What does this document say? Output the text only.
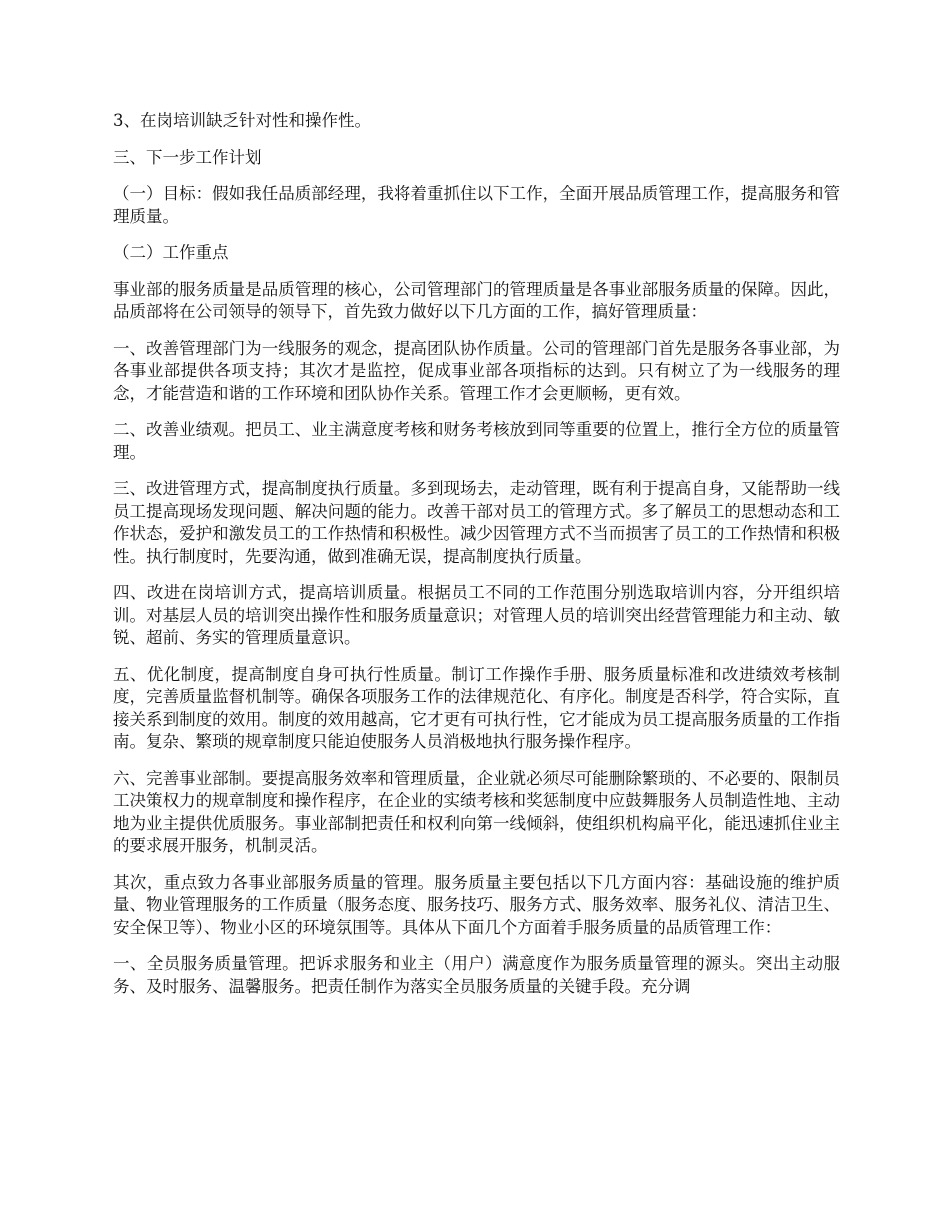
3、在岗培训缺乏针对性和操作性。

三、下一步工作计划

（一）目标：假如我任品质部经理，我将着重抓住以下工作，全面开展品质管理工作，提高服务和管理质量。

（二）工作重点

事业部的服务质量是品质管理的核心，公司管理部门的管理质量是各事业部服务质量的保障。因此，品质部将在公司领导的领导下，首先致力做好以下几方面的工作，搞好管理质量：

一、改善管理部门为一线服务的观念，提高团队协作质量。公司的管理部门首先是服务各事业部，为各事业部提供各项支持；其次才是监控，促成事业部各项指标的达到。只有树立了为一线服务的理念，才能营造和谐的工作环境和团队协作关系。管理工作才会更顺畅，更有效。

二、改善业绩观。把员工、业主满意度考核和财务考核放到同等重要的位置上，推行全方位的质量管理。

三、改进管理方式，提高制度执行质量。多到现场去，走动管理，既有利于提高自身，又能帮助一线员工提高现场发现问题、解决问题的能力。改善干部对员工的管理方式。多了解员工的思想动态和工作状态，爱护和激发员工的工作热情和积极性。减少因管理方式不当而损害了员工的工作热情和积极性。执行制度时，先要沟通，做到准确无误，提高制度执行质量。

四、改进在岗培训方式，提高培训质量。根据员工不同的工作范围分别选取培训内容，分开组织培训。对基层人员的培训突出操作性和服务质量意识；对管理人员的培训突出经营管理能力和主动、敏锐、超前、务实的管理质量意识。

五、优化制度，提高制度自身可执行性质量。制订工作操作手册、服务质量标准和改进绩效考核制度，完善质量监督机制等。确保各项服务工作的法律规范化、有序化。制度是否科学，符合实际，直接关系到制度的效用。制度的效用越高，它才更有可执行性，它才能成为员工提高服务质量的工作指南。复杂、繁琐的规章制度只能迫使服务人员消极地执行服务操作程序。

六、完善事业部制。要提高服务效率和管理质量，企业就必须尽可能删除繁琐的、不必要的、限制员工决策权力的规章制度和操作程序，在企业的实绩考核和奖惩制度中应鼓舞服务人员制造性地、主动地为业主提供优质服务。事业部制把责任和权利向第一线倾斜，使组织机构扁平化，能迅速抓住业主的要求展开服务，机制灵活。

其次，重点致力各事业部服务质量的管理。服务质量主要包括以下几方面内容：基础设施的维护质量、物业管理服务的工作质量（服务态度、服务技巧、服务方式、服务效率、服务礼仪、清洁卫生、安全保卫等）、物业小区的环境氛围等。具体从下面几个方面着手服务质量的品质管理工作：

一、全员服务质量管理。把诉求服务和业主（用户）满意度作为服务质量管理的源头。突出主动服务、及时服务、温馨服务。把责任制作为落实全员服务质量的关键手段。充分调
